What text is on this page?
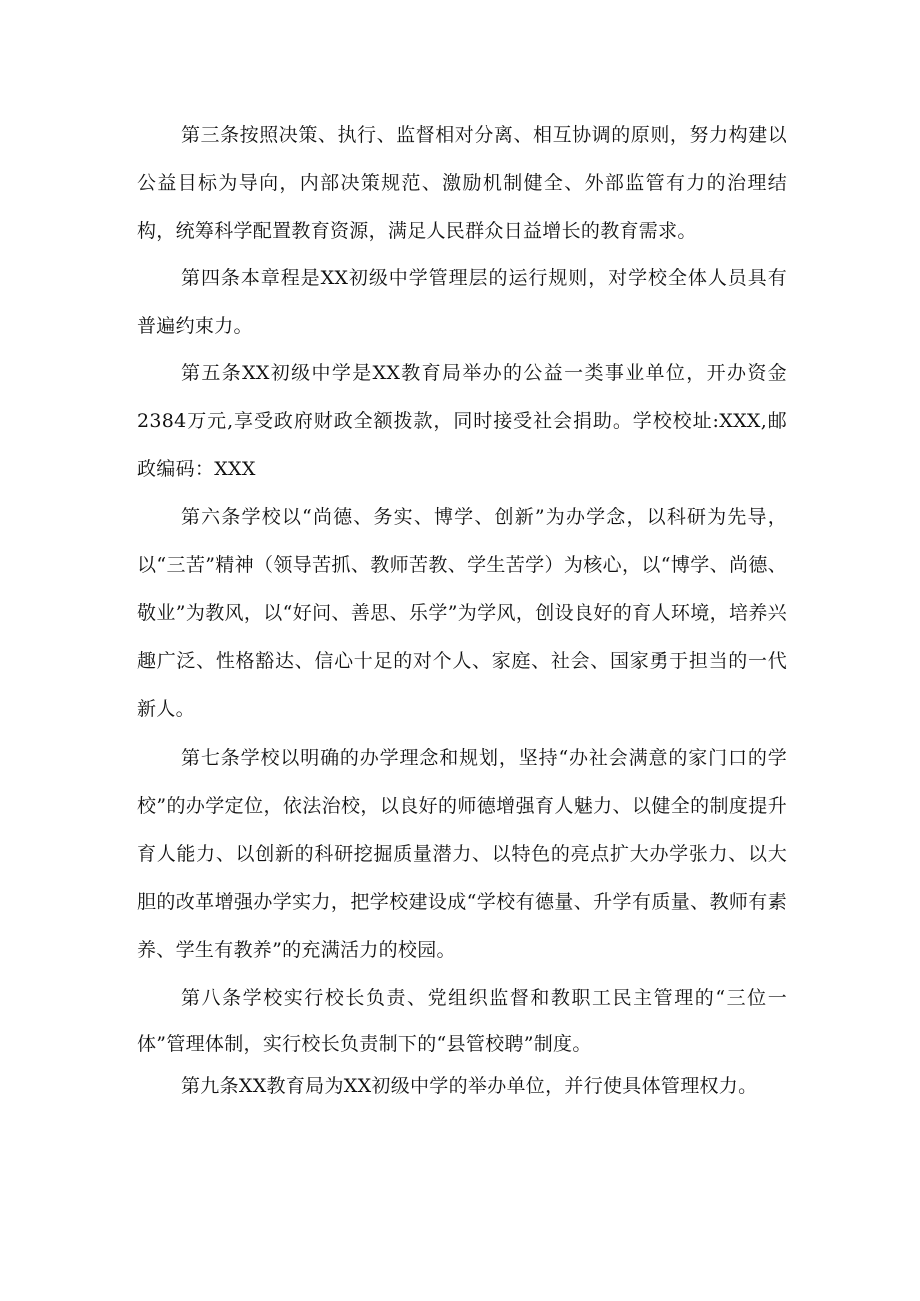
第三条按照决策、执行、监督相对分离、相互协调的原则，努力构建以公益目标为导向，内部决策规范、激励机制健全、外部监管有力的治理结构，统筹科学配置教育资源，满足人民群众日益增长的教育需求。

第四条本章程是XX初级中学管理层的运行规则，对学校全体人员具有普遍约束力。

第五条XX初级中学是XX教育局举办的公益一类事业单位，开办资金2384万元,享受政府财政全额拨款，同时接受社会捐助。学校校址:XXX,邮政编码：XXX

第六条学校以“尚德、务实、博学、创新”为办学念，以科研为先导，以“三苦”精神（领导苦抓、教师苦教、学生苦学）为核心，以“博学、尚德、敬业”为教风，以“好问、善思、乐学”为学风，创设良好的育人环境，培养兴趣广泛、性格豁达、信心十足的对个人、家庭、社会、国家勇于担当的一代新人。

第七条学校以明确的办学理念和规划，坚持“办社会满意的家门口的学校”的办学定位，依法治校，以良好的师德增强育人魅力、以健全的制度提升育人能力、以创新的科研挖掘质量潜力、以特色的亮点扩大办学张力、以大胆的改革增强办学实力，把学校建设成“学校有德量、升学有质量、教师有素养、学生有教养”的充满活力的校园。

第八条学校实行校长负责、党组织监督和教职工民主管理的“三位一体”管理体制，实行校长负责制下的“县管校聘”制度。

第九条XX教育局为XX初级中学的举办单位，并行使具体管理权力。
